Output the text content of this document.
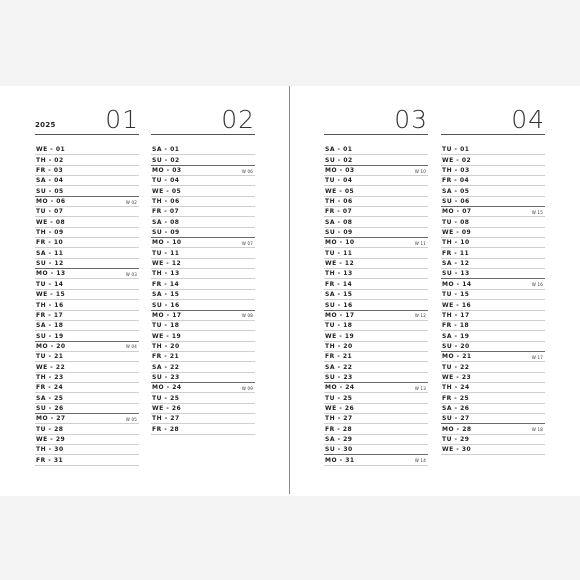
2025 01
WE - 01
TH - 02
FR - 03
SA - 04
SU - 05
MO - 06	W 02
TU - 07
WE - 08
TH - 09
FR - 10
SA - 11
SU - 12
MO - 13	W 03
TU - 14
WE - 15
TH - 16
FR - 17
SA - 18
SU - 19
MO - 20	W 04
TU - 21
WE - 22
TH - 23
FR - 24
SA - 25
SU - 26
MO - 27	W 05
TU - 28
WE - 29
TH - 30
FR - 31
02
SA - 01
SU - 02
MO - 03	W 06
TU - 04
WE - 05
TH - 06
FR - 07
SA - 08
SU - 09
MO - 10	W 07
TU - 11
WE - 12
TH - 13
FR - 14
SA - 15
SU - 16
MO - 17	W 08
TU - 18
WE - 19
TH - 20
FR - 21
SA - 22
SU - 23
MO - 24	W 09
TU - 25
WE - 26
TH - 27
FR - 28
03
SA - 01
SU - 02
MO - 03	W 10
TU - 04
WE - 05
TH - 06
FR - 07
SA - 08
SU - 09
MO - 10	W 11
TU - 11
WE - 12
TH - 13
FR - 14
SA - 15
SU - 16
MO - 17	W 12
TU - 18
WE - 19
TH - 20
FR - 21
SA - 22
SU - 23
MO - 24	W 13
TU - 25
WE - 26
TH - 27
FR - 28
SA - 29
SU - 30
MO - 31	W 14
04
TU - 01
WE - 02
TH - 03
FR - 04
SA - 05
SU - 06
MO - 07	W 15
TU - 08
WE - 09
TH - 10
FR - 11
SA - 12
SU - 13
MO - 14	W 16
TU - 15
WE - 16
TH - 17
FR - 18
SA - 19
SU - 20
MO - 21	W 17
TU - 22
WE - 23
TH - 24
FR - 25
SA - 26
SU - 27
MO - 28	W 18
TU - 29
WE - 30
